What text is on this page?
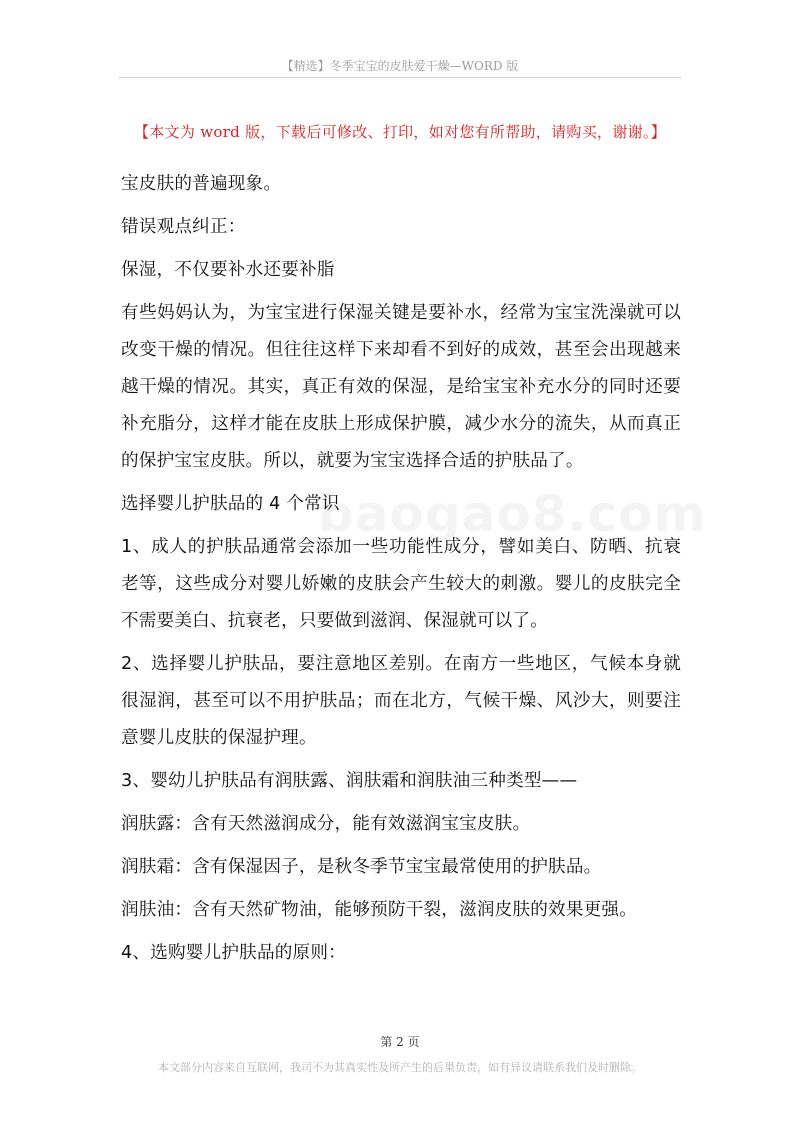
【精选】冬季宝宝的皮肤爱干燥—WORD 版
【本文为 word 版，下载后可修改、打印，如对您有所帮助，请购买，谢谢。】

宝皮肤的普遍现象。

错误观点纠正：

保湿，不仅要补水还要补脂

有些妈妈认为，为宝宝进行保湿关键是要补水，经常为宝宝洗澡就可以改变干燥的情况。但往往这样下来却看不到好的成效，甚至会出现越来越干燥的情况。其实，真正有效的保湿，是给宝宝补充水分的同时还要补充脂分，这样才能在皮肤上形成保护膜，减少水分的流失，从而真正的保护宝宝皮肤。所以，就要为宝宝选择合适的护肤品了。

选择婴儿护肤品的 4 个常识

1、成人的护肤品通常会添加一些功能性成分，譬如美白、防晒、抗衰老等，这些成分对婴儿娇嫩的皮肤会产生较大的刺激。婴儿的皮肤完全不需要美白、抗衰老，只要做到滋润、保湿就可以了。

2、选择婴儿护肤品，要注意地区差别。在南方一些地区，气候本身就很湿润，甚至可以不用护肤品；而在北方，气候干燥、风沙大，则要注意婴儿皮肤的保湿护理。

3、婴幼儿护肤品有润肤露、润肤霜和润肤油三种类型——

润肤露：含有天然滋润成分，能有效滋润宝宝皮肤。

润肤霜：含有保湿因子，是秋冬季节宝宝最常使用的护肤品。

润肤油：含有天然矿物油，能够预防干裂，滋润皮肤的效果更强。

4、选购婴儿护肤品的原则：

第 2 页
本文部分内容来自互联网，我司不为其真实性及所产生的后果负责，如有异议请联系我们及时删除。
